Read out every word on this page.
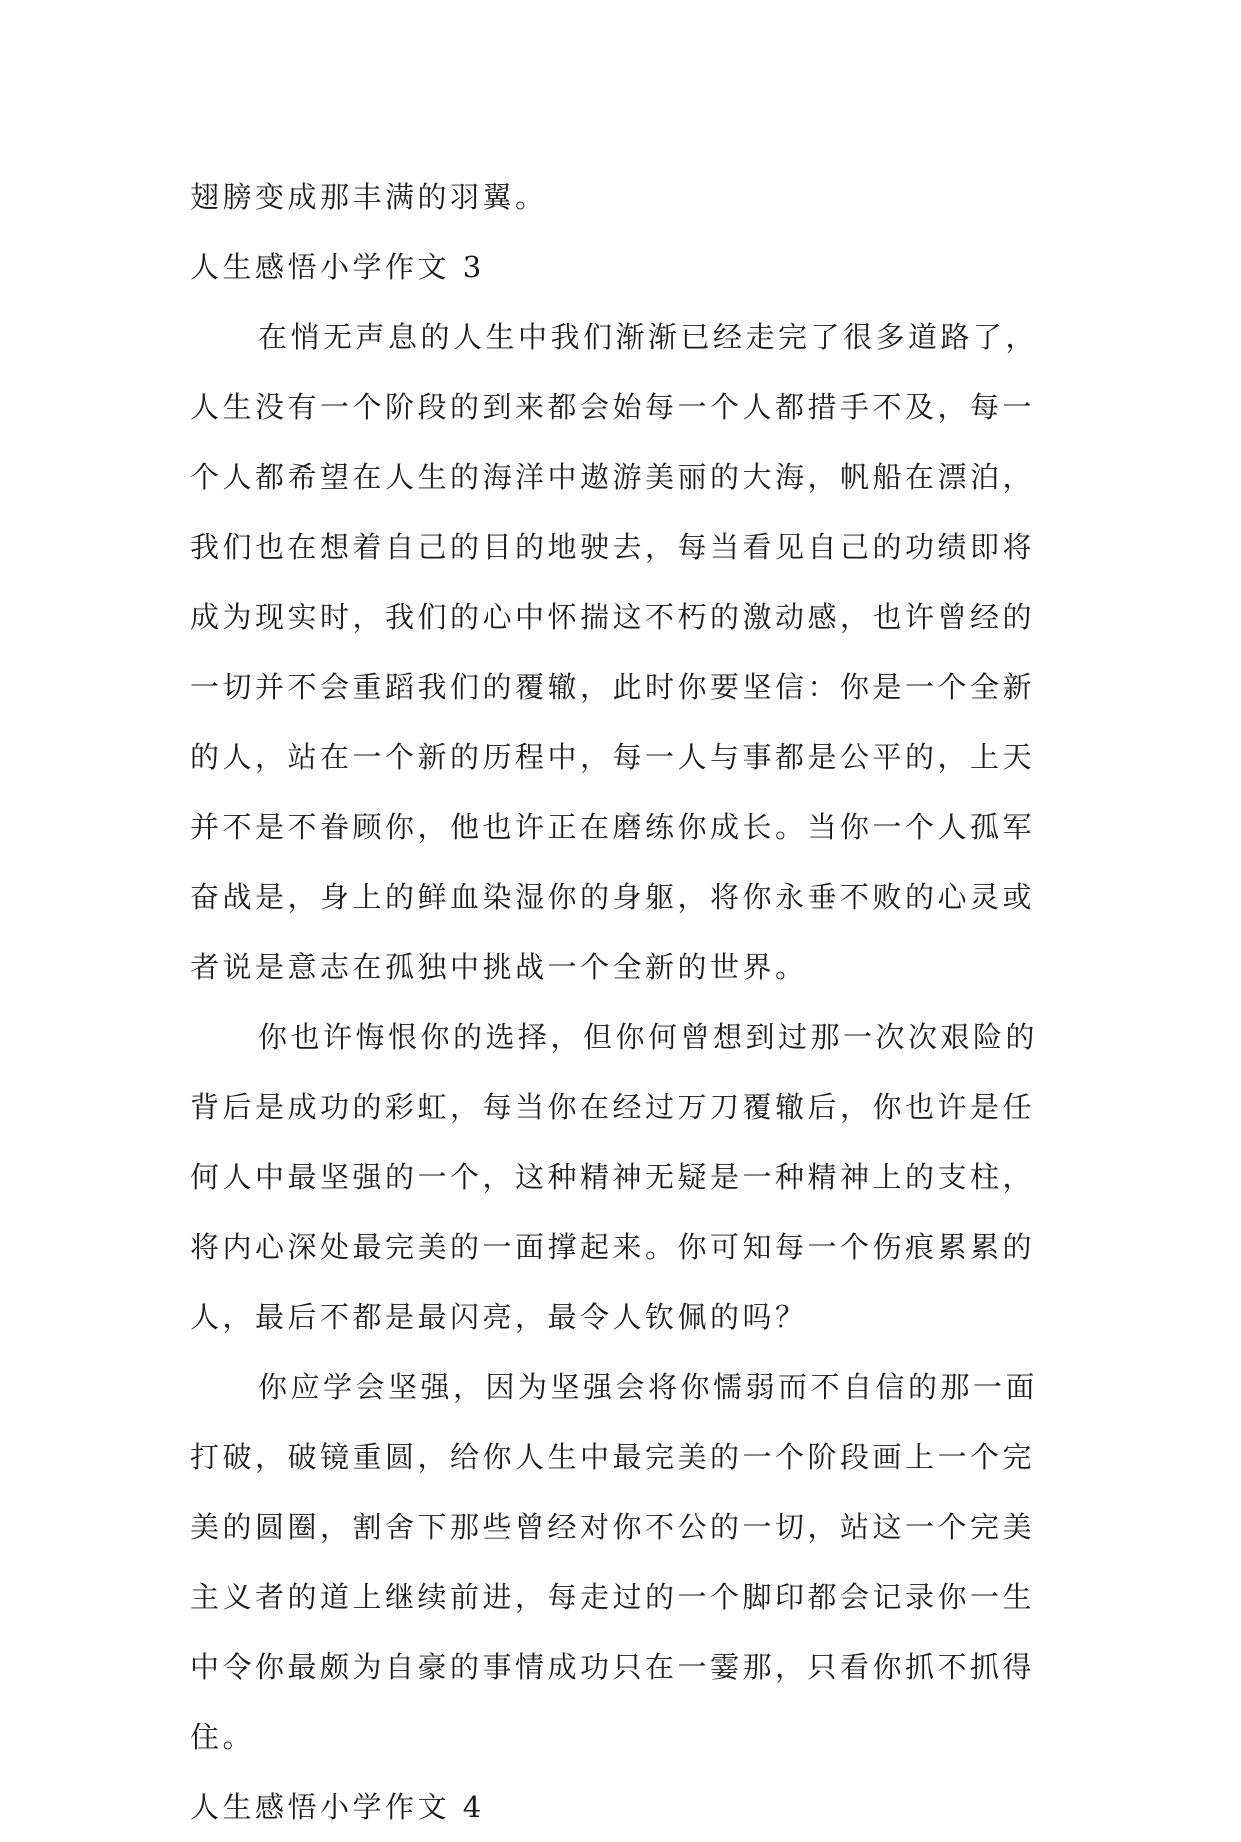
翅膀变成那丰满的羽翼。

人生感悟小学作文 3

在悄无声息的人生中我们渐渐已经走完了很多道路了，

人生没有一个阶段的到来都会始每一个人都措手不及，每一

个人都希望在人生的海洋中遨游美丽的大海，帆船在漂泊，

我们也在想着自己的目的地驶去，每当看见自己的功绩即将

成为现实时，我们的心中怀揣这不朽的激动感，也许曾经的

一切并不会重蹈我们的覆辙，此时你要坚信：你是一个全新

的人，站在一个新的历程中，每一人与事都是公平的，上天

并不是不眷顾你，他也许正在磨练你成长。当你一个人孤军

奋战是，身上的鲜血染湿你的身躯，将你永垂不败的心灵或

者说是意志在孤独中挑战一个全新的世界。

你也许悔恨你的选择，但你何曾想到过那一次次艰险的

背后是成功的彩虹，每当你在经过万刀覆辙后，你也许是任

何人中最坚强的一个，这种精神无疑是一种精神上的支柱，

将内心深处最完美的一面撑起来。你可知每一个伤痕累累的

人，最后不都是最闪亮，最令人钦佩的吗？

你应学会坚强，因为坚强会将你懦弱而不自信的那一面

打破，破镜重圆，给你人生中最完美的一个阶段画上一个完

美的圆圈，割舍下那些曾经对你不公的一切，站这一个完美

主义者的道上继续前进，每走过的一个脚印都会记录你一生

中令你最颇为自豪的事情成功只在一霎那，只看你抓不抓得

住。

人生感悟小学作文 4
